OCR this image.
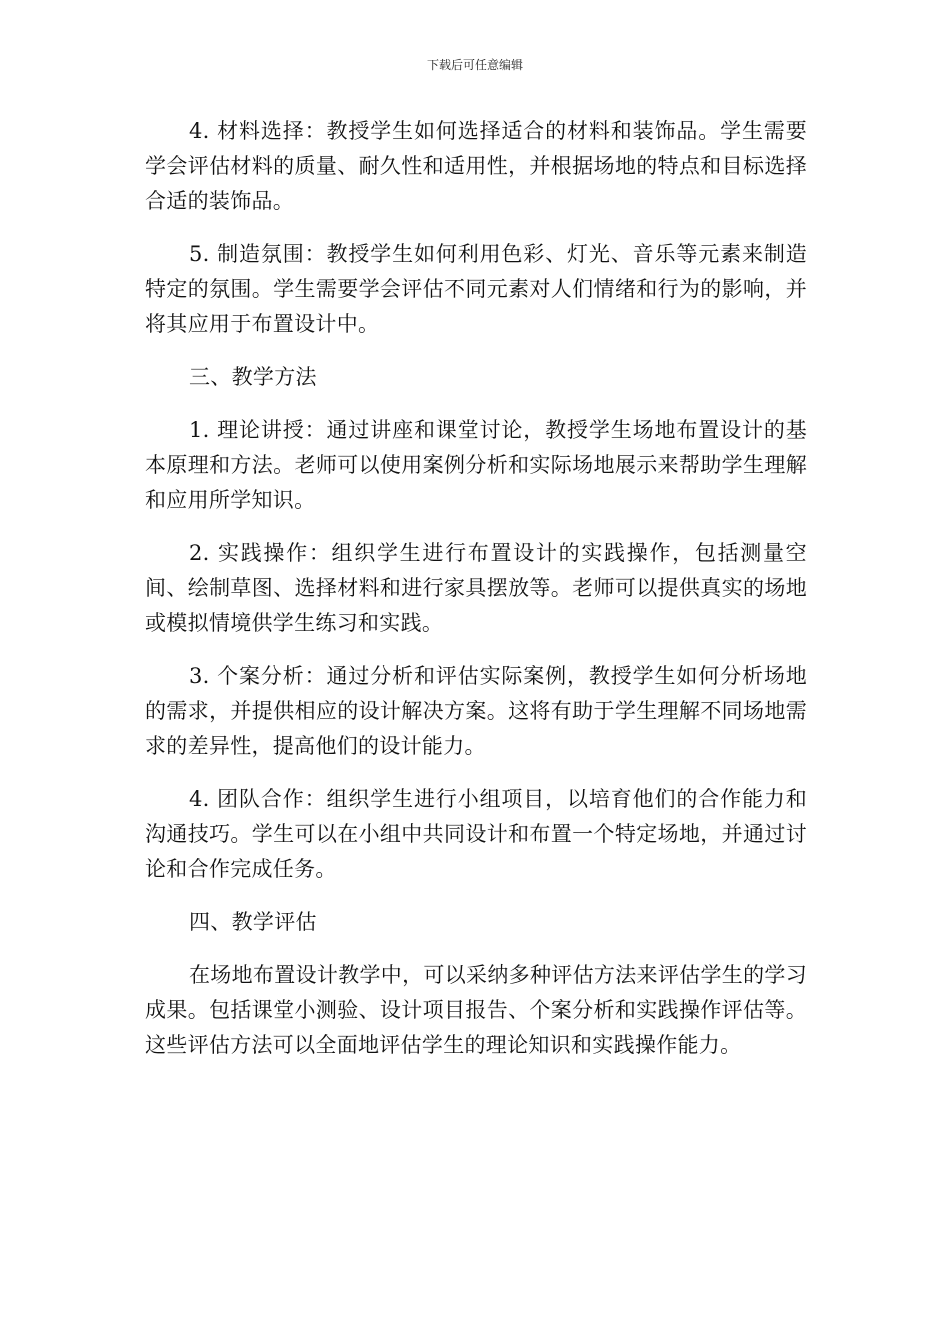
下载后可任意编辑

4. 材料选择：教授学生如何选择适合的材料和装饰品。学生需要学会评估材料的质量、耐久性和适用性，并根据场地的特点和目标选择合适的装饰品。

5. 制造氛围：教授学生如何利用色彩、灯光、音乐等元素来制造特定的氛围。学生需要学会评估不同元素对人们情绪和行为的影响，并将其应用于布置设计中。

三、教学方法

1. 理论讲授：通过讲座和课堂讨论，教授学生场地布置设计的基本原理和方法。老师可以使用案例分析和实际场地展示来帮助学生理解和应用所学知识。

2. 实践操作：组织学生进行布置设计的实践操作，包括测量空间、绘制草图、选择材料和进行家具摆放等。老师可以提供真实的场地或模拟情境供学生练习和实践。

3. 个案分析：通过分析和评估实际案例，教授学生如何分析场地的需求，并提供相应的设计解决方案。这将有助于学生理解不同场地需求的差异性，提高他们的设计能力。

4. 团队合作：组织学生进行小组项目，以培育他们的合作能力和沟通技巧。学生可以在小组中共同设计和布置一个特定场地，并通过讨论和合作完成任务。

四、教学评估

在场地布置设计教学中，可以采纳多种评估方法来评估学生的学习成果。包括课堂小测验、设计项目报告、个案分析和实践操作评估等。这些评估方法可以全面地评估学生的理论知识和实践操作能力。
